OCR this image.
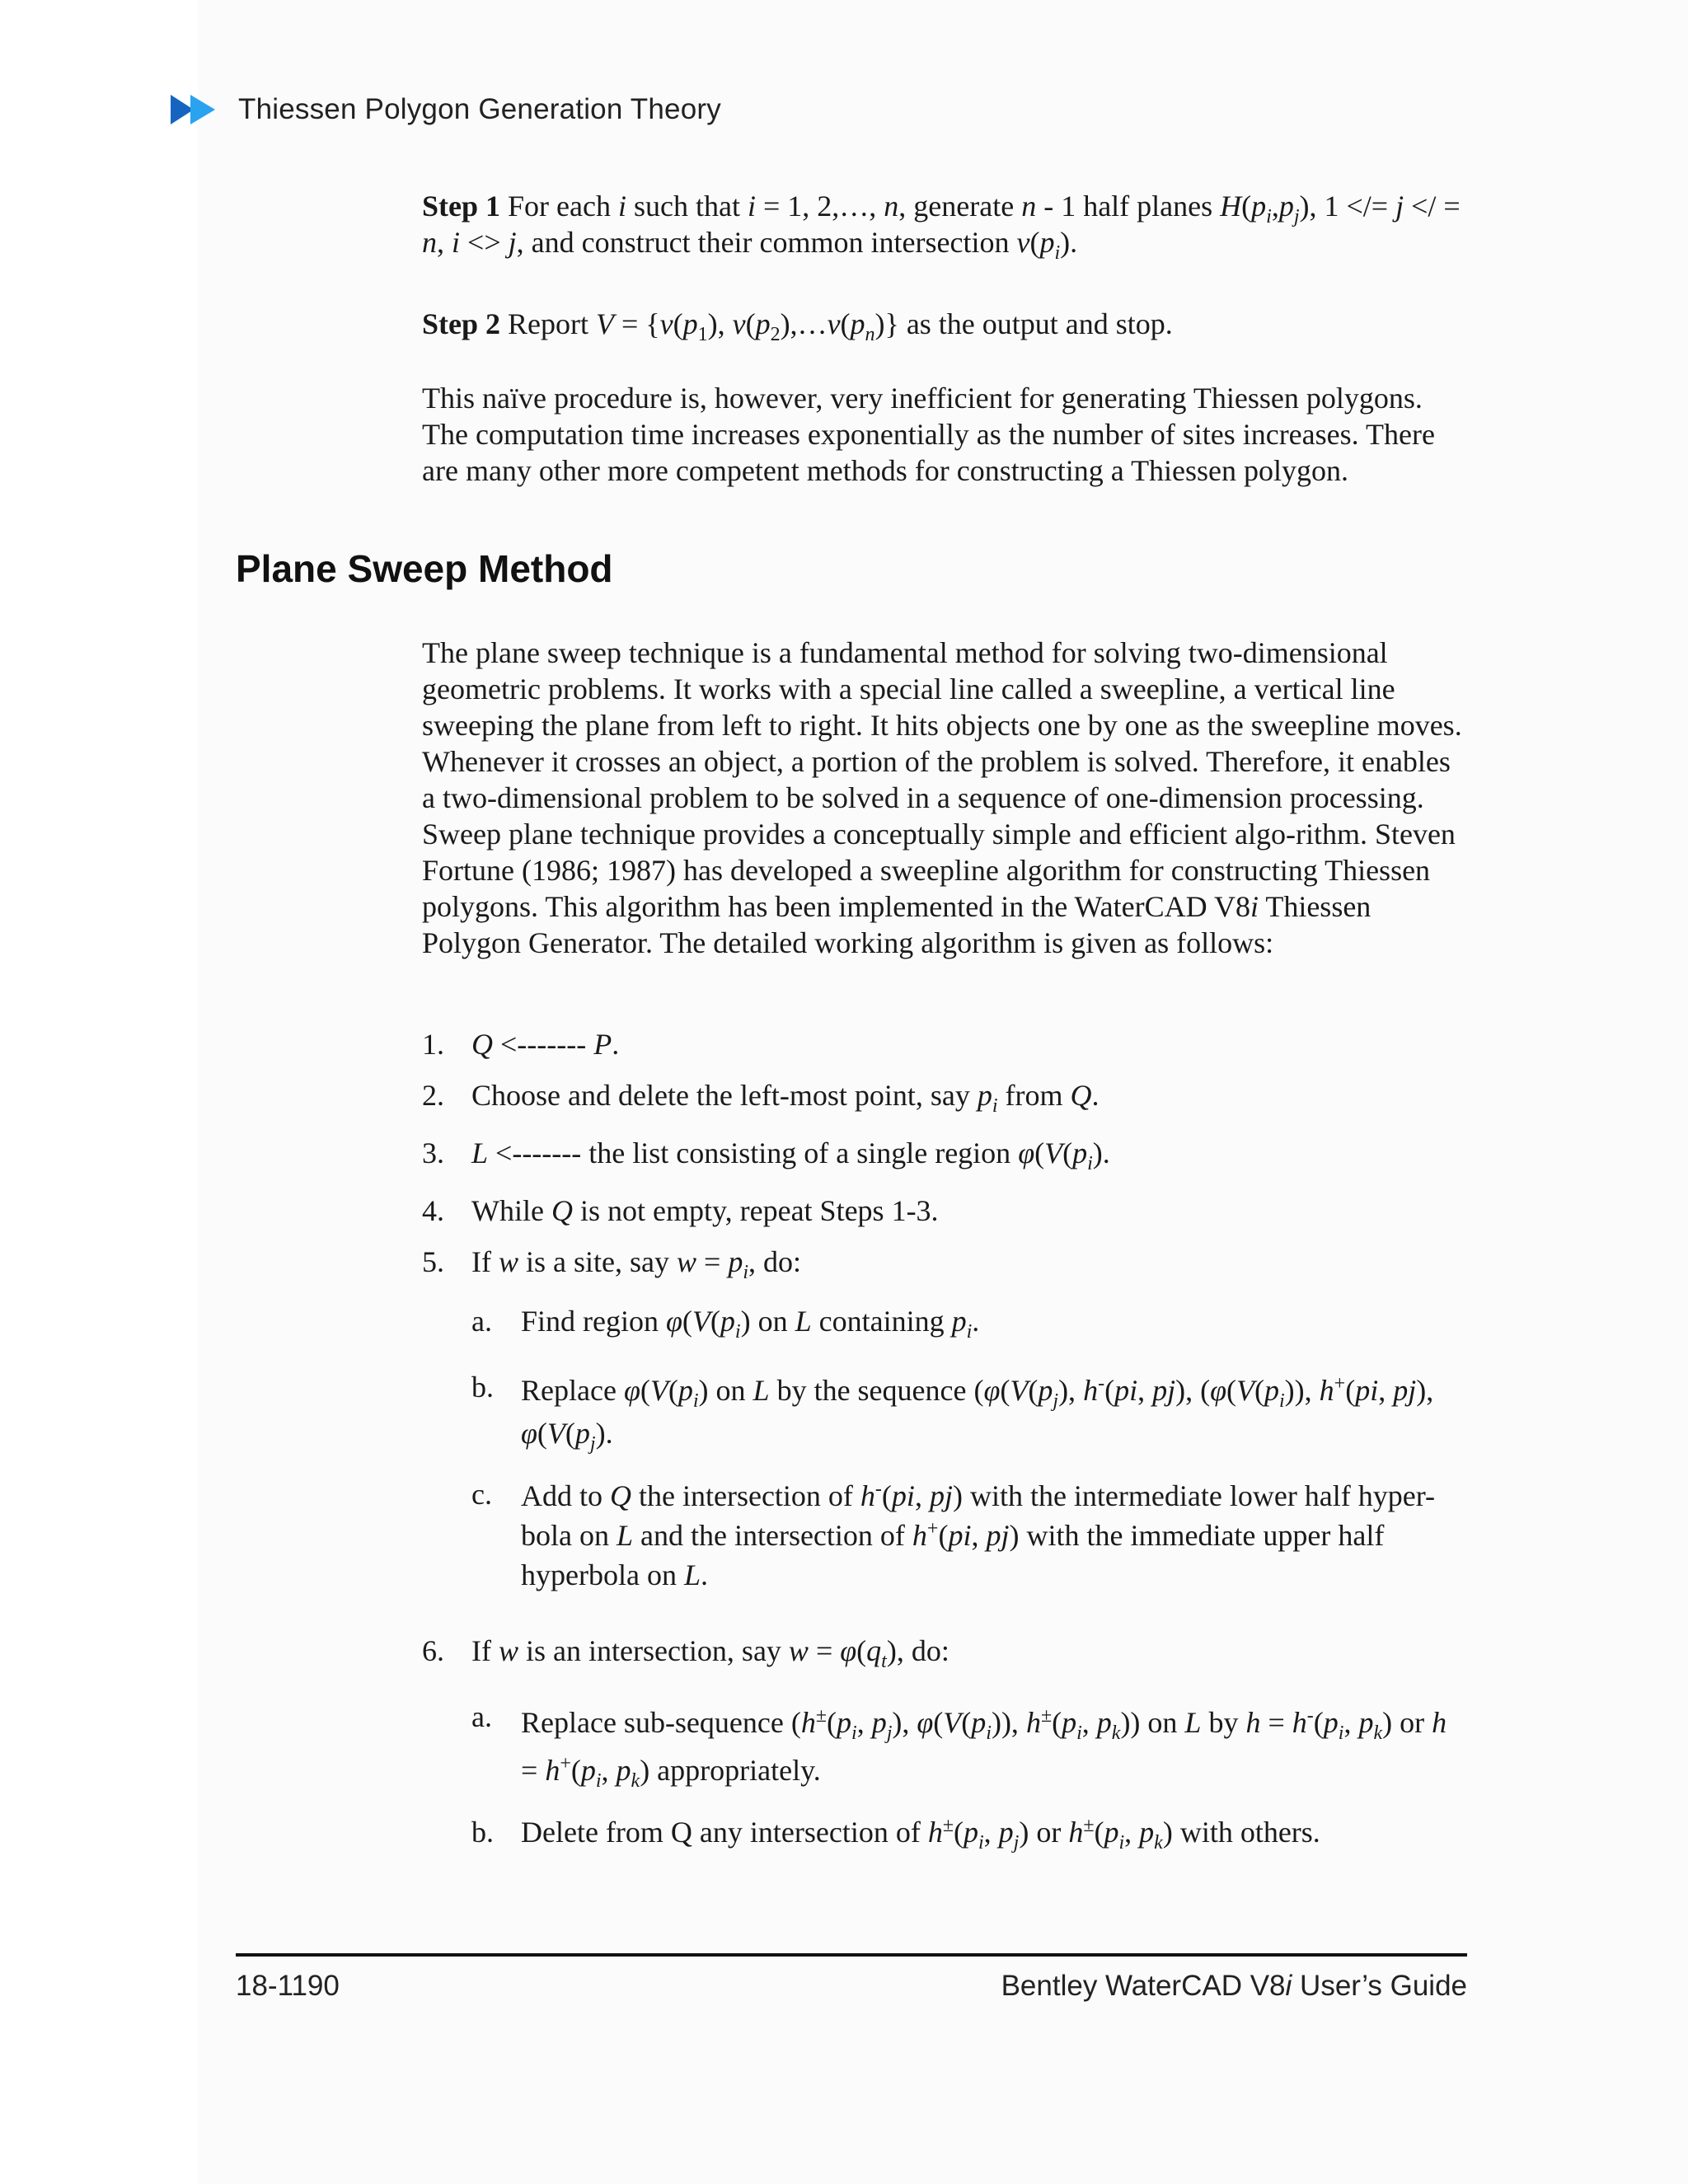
Thiessen Polygon Generation Theory

Step 1 For each i such that i = 1, 2,…, n, generate n - 1 half planes $H(p_i,p_j)$, 1 </= j </ = n, i <> j, and construct their common intersection $v(p_i)$.

Step 2 Report $V = \{v(p_1)$, $v(p_2),\dots v(p_n)$} as the output and stop.

This naïve procedure is, however, very inefficient for generating Thiessen polygons. The computation time increases exponentially as the number of sites increases. There are many other more competent methods for constructing a Thiessen polygon.

Plane Sweep Method

The plane sweep technique is a fundamental method for solving two-dimensional geometric problems. It works with a special line called a sweepline, a vertical line sweeping the plane from left to right. It hits objects one by one as the sweepline moves. Whenever it crosses an object, a portion of the problem is solved. Therefore, it enables a two-dimensional problem to be solved in a sequence of one-dimension processing. Sweep plane technique provides a conceptually simple and efficient algo-rithm. Steven Fortune (1986; 1987) has developed a sweepline algorithm for constructing Thiessen polygons. This algorithm has been implemented in the WaterCAD V8i Thiessen Polygon Generator. The detailed working algorithm is given as follows:

1. Q <------- P.
2. Choose and delete the left-most point, say $p_i$ from Q.
3. L <------- the list consisting of a single region $\varphi(V(p_i)$.
4. While Q is not empty, repeat Steps 1-3.
5. If w is a site, say $w = p_i$, do:
a. Find region $\varphi(V(p_i)$ on L containing $p_i$.
b. Replace $\varphi(V(p_i)$ on L by the sequence ($\varphi(V(p_j)$, h-(pi, pj), ($\varphi(V(p_i))$, h+(pi, pj), $\varphi(V(p_j)$.
c. Add to Q the intersection of h-(pi, pj) with the intermediate lower half hyper-bola on L and the intersection of h+(pi, pj) with the immediate upper half hyperbola on L.
6. If w is an intersection, say $w = \varphi(q_t)$, do:
a. Replace sub-sequence ($h^\pm(p_i$, $p_j$), $\varphi(V(p_i))$, $h^\pm(p_i$, $p_k$)) on L by $h = h^-(p_i$, $p_k$) or $h = h^+(p_i$, $p_k$) appropriately.
b. Delete from Q any intersection of $h^\pm(p_i$, $p_j$) or $h^\pm(p_i$, $p_k$) with others.
18-1190	Bentley WaterCAD V8i User’s Guide
